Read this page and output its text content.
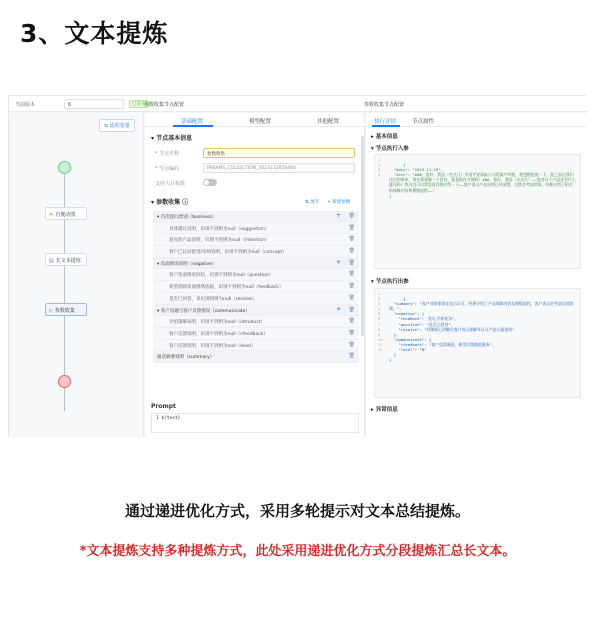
3、文本提炼
当前版本	6	已发布
参数收集节点配置	参数收集节点配置
⇆ 流程变量
✕ 自便动图
▤ 长文本提炼
▷ 参数收集
基础配置	模型配置	其他配置
▾ 节点基本信息
* 节点名称	参数收集
* 节点编码	PARAMS_COLLECTION_2023112859480
支持大计权数
▾ 参数收集 ⓘ	⇅ 展开 + 新建参数
▾ 首次提问类别（business）	+ 🗑
具体建议说明，识别不到则为null（suggestion）	🗑
意见的产品说明，识别不到则为null（intention）	🗑
客户已认同接受/采纳说明，识别不到则为null（concept）	🗑
▾ 负面情况说明（negative）	+ 🗑
客户负面情况归结，识别不到则为null（question）	🗑
希望消除负面情绪依据，识别不到则为null（feedback）	🗑
是否已回答，来识别到则为null（resolve）	🗑
▾ 客户沟通与客户反馈情况（communicate）	+ 🗑
介绍策略说明，识别不到则为null（introduct）	🗑
客户反馈说明，识别不到则为null（cfeedback）	🗑
客户反馈说明，识别不到则为null（level）	🗑
通话摘要说明（summary）	🗑
Prompt
1 ${text}
执行详情	节点属性
▸ 基本信息
▾ 节点执行入参

1
2
3
4
{
"date": "2023-11-29",
"text": "###，您好，我是（在这儿）中国平安保险公司的客户经理，我想跟您说一下，您之前在我们这边的保单，现在需要做一个回访，您看现在方便吗？###，您好，我是（在这儿）……您对这个产品还有什么疑问吗？我这边可以帮您再详细介绍一下……客户表示产品说明已经清楚，后续会考虑续保，经理介绍了相关的保障内容和理赔流程……"
}

▾ 节点执行出参

1
2
3
4
5
6
7
8
9
10
11
12
{
"summary": "客户对续保事宜表示认可，经理介绍了产品保障内容及理赔流程，客户表示会考虑后续续保。",
"negative": {
"feedback": "担心手续复杂",
"question": "是否已回答",
"resolve": "经理耐心讲解后客户表示理解并认可产品方案说明"
},
"communicate": {
"cfeedback": "客户反馈满意，接受后续跟进服务",
"level": "B"
}
}

▸ 异常信息
通过递进优化方式，采用多轮提示对文本总结提炼。
*文本提炼支持多种提炼方式，此处采用递进优化方式分段提炼汇总长文本。
